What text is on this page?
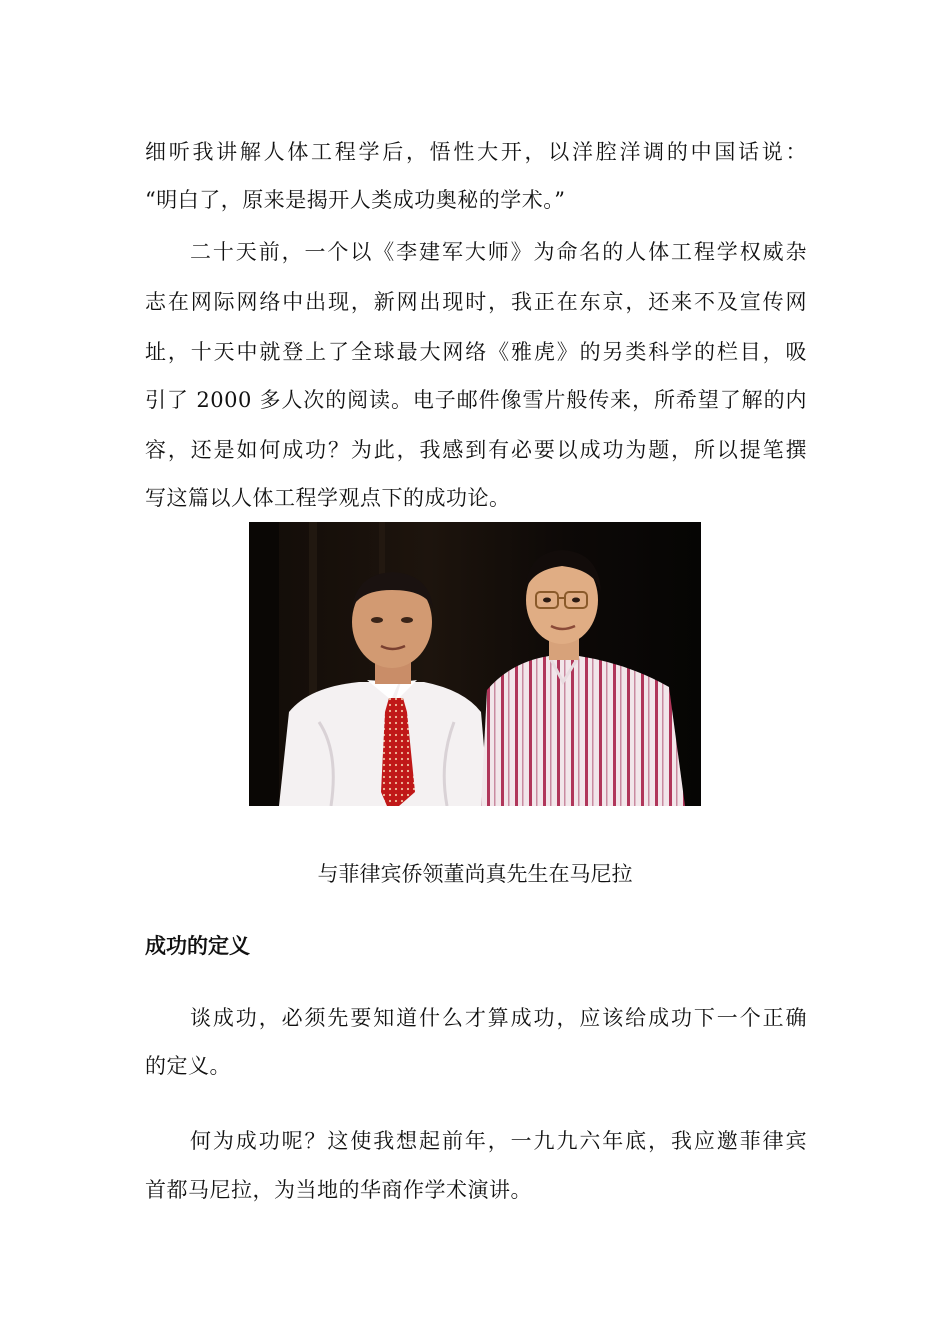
细听我讲解人体工程学后，悟性大开，以洋腔洋调的中国话说：
“明白了，原来是揭开人类成功奥秘的学术。”
二十天前，一个以《李建军大师》为命名的人体工程学权威杂
志在网际网络中出现，新网出现时，我正在东京，还来不及宣传网
址，十天中就登上了全球最大网络《雅虎》的另类科学的栏目，吸
引了 2000 多人次的阅读。电子邮件像雪片般传来，所希望了解的内
容，还是如何成功？为此，我感到有必要以成功为题，所以提笔撰
写这篇以人体工程学观点下的成功论。
与菲律宾侨领董尚真先生在马尼拉
成功的定义
谈成功，必须先要知道什么才算成功，应该给成功下一个正确
的定义。
何为成功呢？这使我想起前年，一九九六年底，我应邀菲律宾
首都马尼拉，为当地的华商作学术演讲。
